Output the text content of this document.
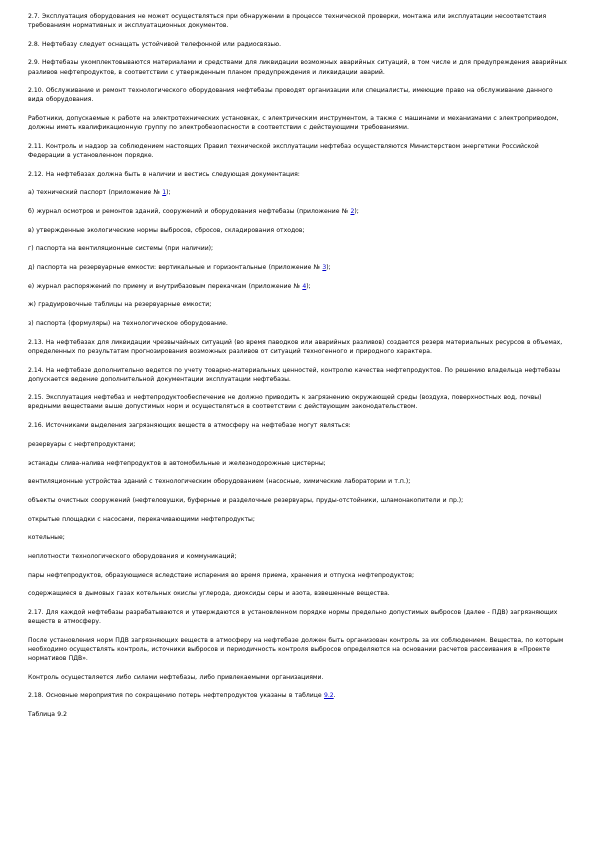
2.7. Эксплуатация оборудования не может осуществляться при обнаружении в процессе технической проверки, монтажа или эксплуатации несоответствия требованиям нормативных и эксплуатационных документов.

2.8. Нефтебазу следует оснащать устойчивой телефонной или радиосвязью.

2.9. Нефтебазы укомплектовываются материалами и средствами для ликвидации возможных аварийных ситуаций, в том числе и для предупреждения аварийных разливов нефтепродуктов, в соответствии с утвержденным планом предупреждения и ликвидации аварий.

2.10. Обслуживание и ремонт технологического оборудования нефтебазы проводят организации или специалисты, имеющие право на обслуживание данного вида оборудования.

Работники, допускаемые к работе на электротехнических установках, с электрическим инструментом, а также с машинами и механизмами с электроприводом, должны иметь квалификационную группу по электробезопасности в соответствии с действующими требованиями.

2.11. Контроль и надзор за соблюдением настоящих Правил технической эксплуатации нефтебаз осуществляются Министерством энергетики Российской Федерации в установленном порядке.

2.12. На нефтебазах должна быть в наличии и вестись следующая документация:

а) технический паспорт (приложение № 1);

б) журнал осмотров и ремонтов зданий, сооружений и оборудования нефтебазы (приложение № 2);

в) утвержденные экологические нормы выбросов, сбросов, складирования отходов;

г) паспорта на вентиляционные системы (при наличии);

д) паспорта на резервуарные емкости: вертикальные и горизонтальные (приложение № 3);

е) журнал распоряжений по приему и внутрибазовым перекачкам (приложение № 4);

ж) градуировочные таблицы на резервуарные емкости;

з) паспорта (формуляры) на технологическое оборудование.

2.13. На нефтебазах для ликвидации чрезвычайных ситуаций (во время паводков или аварийных разливов) создается резерв материальных ресурсов в объемах, определенных по результатам прогнозирования возможных разливов от ситуаций техногенного и природного характера.

2.14. На нефтебазе дополнительно ведется по учету товарно-материальных ценностей, контролю качества нефтепродуктов. По решению владельца нефтебазы допускается ведение дополнительной документации эксплуатации нефтебазы.

2.15. Эксплуатация нефтебаз и нефтепродуктообеспечение не должно приводить к загрязнению окружающей среды (воздуха, поверхностных вод, почвы) вредными веществами выше допустимых норм и осуществляться в соответствии с действующим законодательством.

2.16. Источниками выделения загрязняющих веществ в атмосферу на нефтебазе могут являться:

резервуары с нефтепродуктами;

эстакады слива-налива нефтепродуктов в автомобильные и железнодорожные цистерны;

вентиляционные устройства зданий с технологическим оборудованием (насосные, химические лаборатории и т.п.);

объекты очистных сооружений (нефтеловушки, буферные и разделочные резервуары, пруды-отстойники, шламонакопители и пр.);

открытые площадки с насосами, перекачивающими нефтепродукты;

котельные;

неплотности технологического оборудования и коммуникаций;

пары нефтепродуктов, образующиеся вследствие испарения во время приема, хранения и отпуска нефтепродуктов;

содержащиеся в дымовых газах котельных окислы углерода, диоксиды серы и азота, взвешенные вещества.

2.17. Для каждой нефтебазы разрабатываются и утверждаются в установленном порядке нормы предельно допустимых выбросов (далее - ПДВ) загрязняющих веществ в атмосферу.

После установления норм ПДВ загрязняющих веществ в атмосферу на нефтебазе должен быть организован контроль за их соблюдением. Вещества, по которым необходимо осуществлять контроль, источники выбросов и периодичность контроля выбросов определяются на основании расчетов рассеивания в «Проекте нормативов ПДВ».

Контроль осуществляется либо силами нефтебазы, либо привлекаемыми организациями.

2.18. Основные мероприятия по сокращению потерь нефтепродуктов указаны в таблице 9.2.

Таблица 9.2
